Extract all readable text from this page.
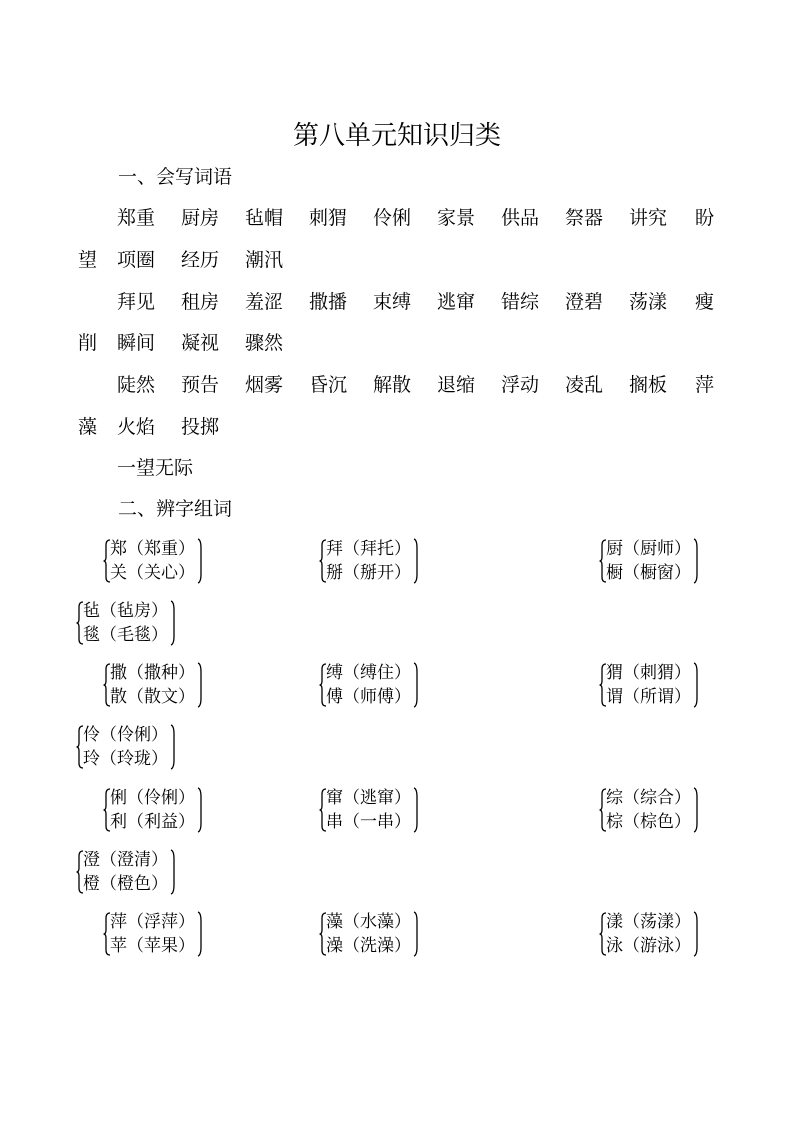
第八单元知识归类
一、会写词语
郑重 厨房 毡帽 刺猬 伶俐 家景 供品 祭器 讲究 盼
望 项圈 经历 潮汛
拜见 租房 羞涩 撒播 束缚 逃窜 错综 澄碧 荡漾 瘦
削 瞬间 凝视 骤然
陡然 预告 烟雾 昏沉 解散 退缩 浮动 凌乱 搁板 萍
藻 火焰 投掷
一望无际
二、辨字组词
郑（郑重）
关（关心）
拜（拜托）
掰（掰开）
厨（厨师）
橱（橱窗）
毡（毡房）
毯（毛毯）
撒（撒种）
散（散文）
缚（缚住）
傅（师傅）
猬（刺猬）
谓（所谓）
伶（伶俐）
玲（玲珑）
俐（伶俐）
利（利益）
窜（逃窜）
串（一串）
综（综合）
棕（棕色）
澄（澄清）
橙（橙色）
萍（浮萍）
苹（苹果）
藻（水藻）
澡（洗澡）
漾（荡漾）
泳（游泳）
